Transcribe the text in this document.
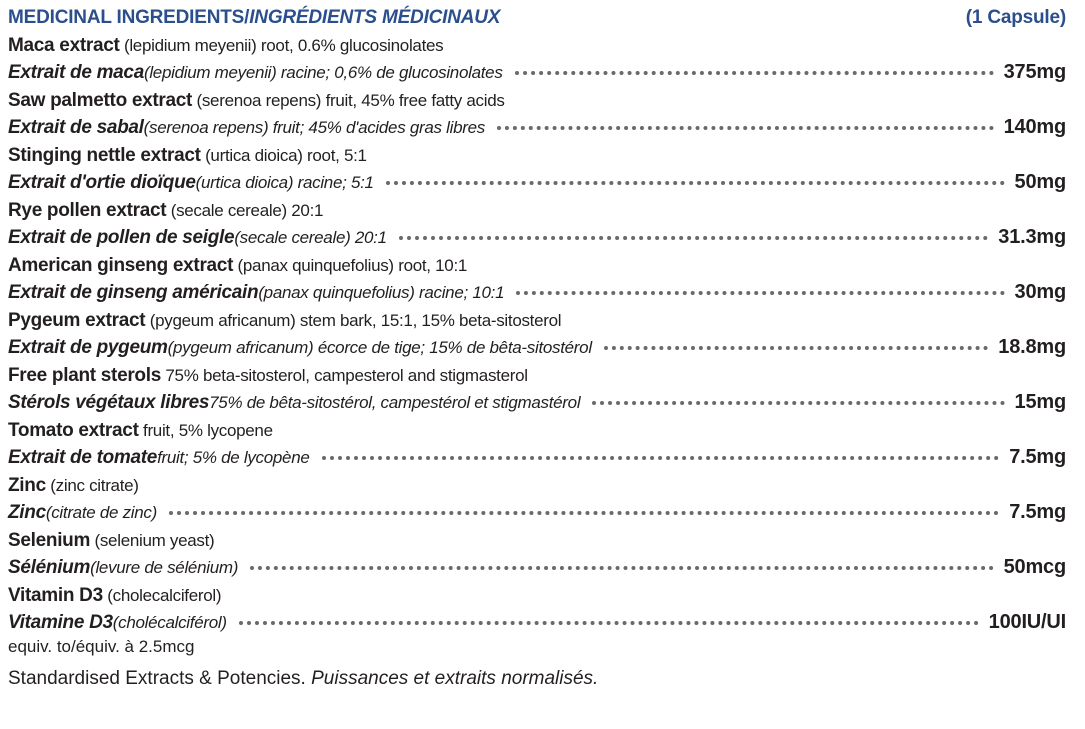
MEDICINAL INGREDIENTS/INGRÉDIENTS MÉDICINAUX	(1 Capsule)
Maca extract (lepidium meyenii) root, 0.6% glucosinolates
Extrait de maca (lepidium meyenii) racine; 0,6% de glucosinolates	375mg
Saw palmetto extract (serenoa repens) fruit, 45% free fatty acids
Extrait de sabal (serenoa repens) fruit; 45% d'acides gras libres	140mg
Stinging nettle extract (urtica dioica) root, 5:1
Extrait d'ortie dioïque (urtica dioica) racine; 5:1	50mg
Rye pollen extract (secale cereale) 20:1
Extrait de pollen de seigle (secale cereale) 20:1	31.3mg
American ginseng extract (panax quinquefolius) root, 10:1
Extrait de ginseng américain (panax quinquefolius) racine; 10:1	30mg
Pygeum extract (pygeum africanum) stem bark, 15:1, 15% beta-sitosterol
Extrait de pygeum (pygeum africanum) écorce de tige; 15% de bêta-sitostérol	18.8mg
Free plant sterols 75% beta-sitosterol, campesterol and stigmasterol
Stérols végétaux libres 75% de bêta-sitostérol, campestérol et stigmastérol	15mg
Tomato extract fruit, 5% lycopene
Extrait de tomate fruit; 5% de lycopène	7.5mg
Zinc (zinc citrate)
Zinc (citrate de zinc)	7.5mg
Selenium (selenium yeast)
Sélénium (levure de sélénium)	50mcg
Vitamin D3 (cholecalciferol)
Vitamine D3 (cholécalciférol)	100IU/UI
equiv. to/équiv. à 2.5mcg
Standardised Extracts & Potencies. Puissances et extraits normalisés.
